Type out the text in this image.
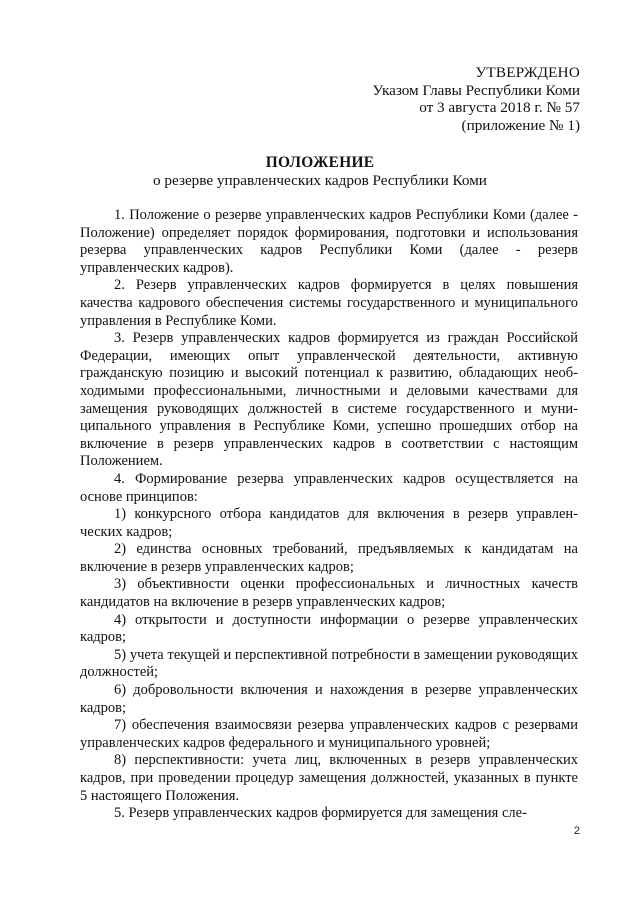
УТВЕРЖДЕНО
Указом Главы Республики Коми
от 3 августа 2018 г. № 57
(приложение № 1)
ПОЛОЖЕНИЕ
о резерве управленческих кадров Республики Коми

1. Положение о резерве управленческих кадров Республики Коми (далее - Положение) определяет порядок формирования, подготовки и использования резерва управленческих кадров Республики Коми (далее - резерв управленческих кадров).

2. Резерв управленческих кадров формируется в целях повышения качества кадрового обеспечения системы государственного и муниципального управления в Республике Коми.

3. Резерв управленческих кадров формируется из граждан Российской Федерации, имеющих опыт управленческой деятельности, активную гражданскую позицию и высокий потенциал к развитию, обладающих необходимыми профессиональными, личностными и деловыми качествами для замещения руководящих должностей в системе государственного и муниципального управления в Республике Коми, успешно прошедших отбор на включение в резерв управленческих кадров в соответствии с настоящим Положением.

4. Формирование резерва управленческих кадров осуществляется на основе принципов:

1) конкурсного отбора кандидатов для включения в резерв управленческих кадров;

2) единства основных требований, предъявляемых к кандидатам на включение в резерв управленческих кадров;

3) объективности оценки профессиональных и личностных качеств кандидатов на включение в резерв управленческих кадров;

4) открытости и доступности информации о резерве управленческих кадров;

5) учета текущей и перспективной потребности в замещении руководящих должностей;

6) добровольности включения и нахождения в резерве управленческих кадров;

7) обеспечения взаимосвязи резерва управленческих кадров с резервами управленческих кадров федерального и муниципального уровней;

8) перспективности: учета лиц, включенных в резерв управленческих кадров, при проведении процедур замещения должностей, указанных в пункте 5 настоящего Положения.

5. Резерв управленческих кадров формируется для замещения сле-

2
